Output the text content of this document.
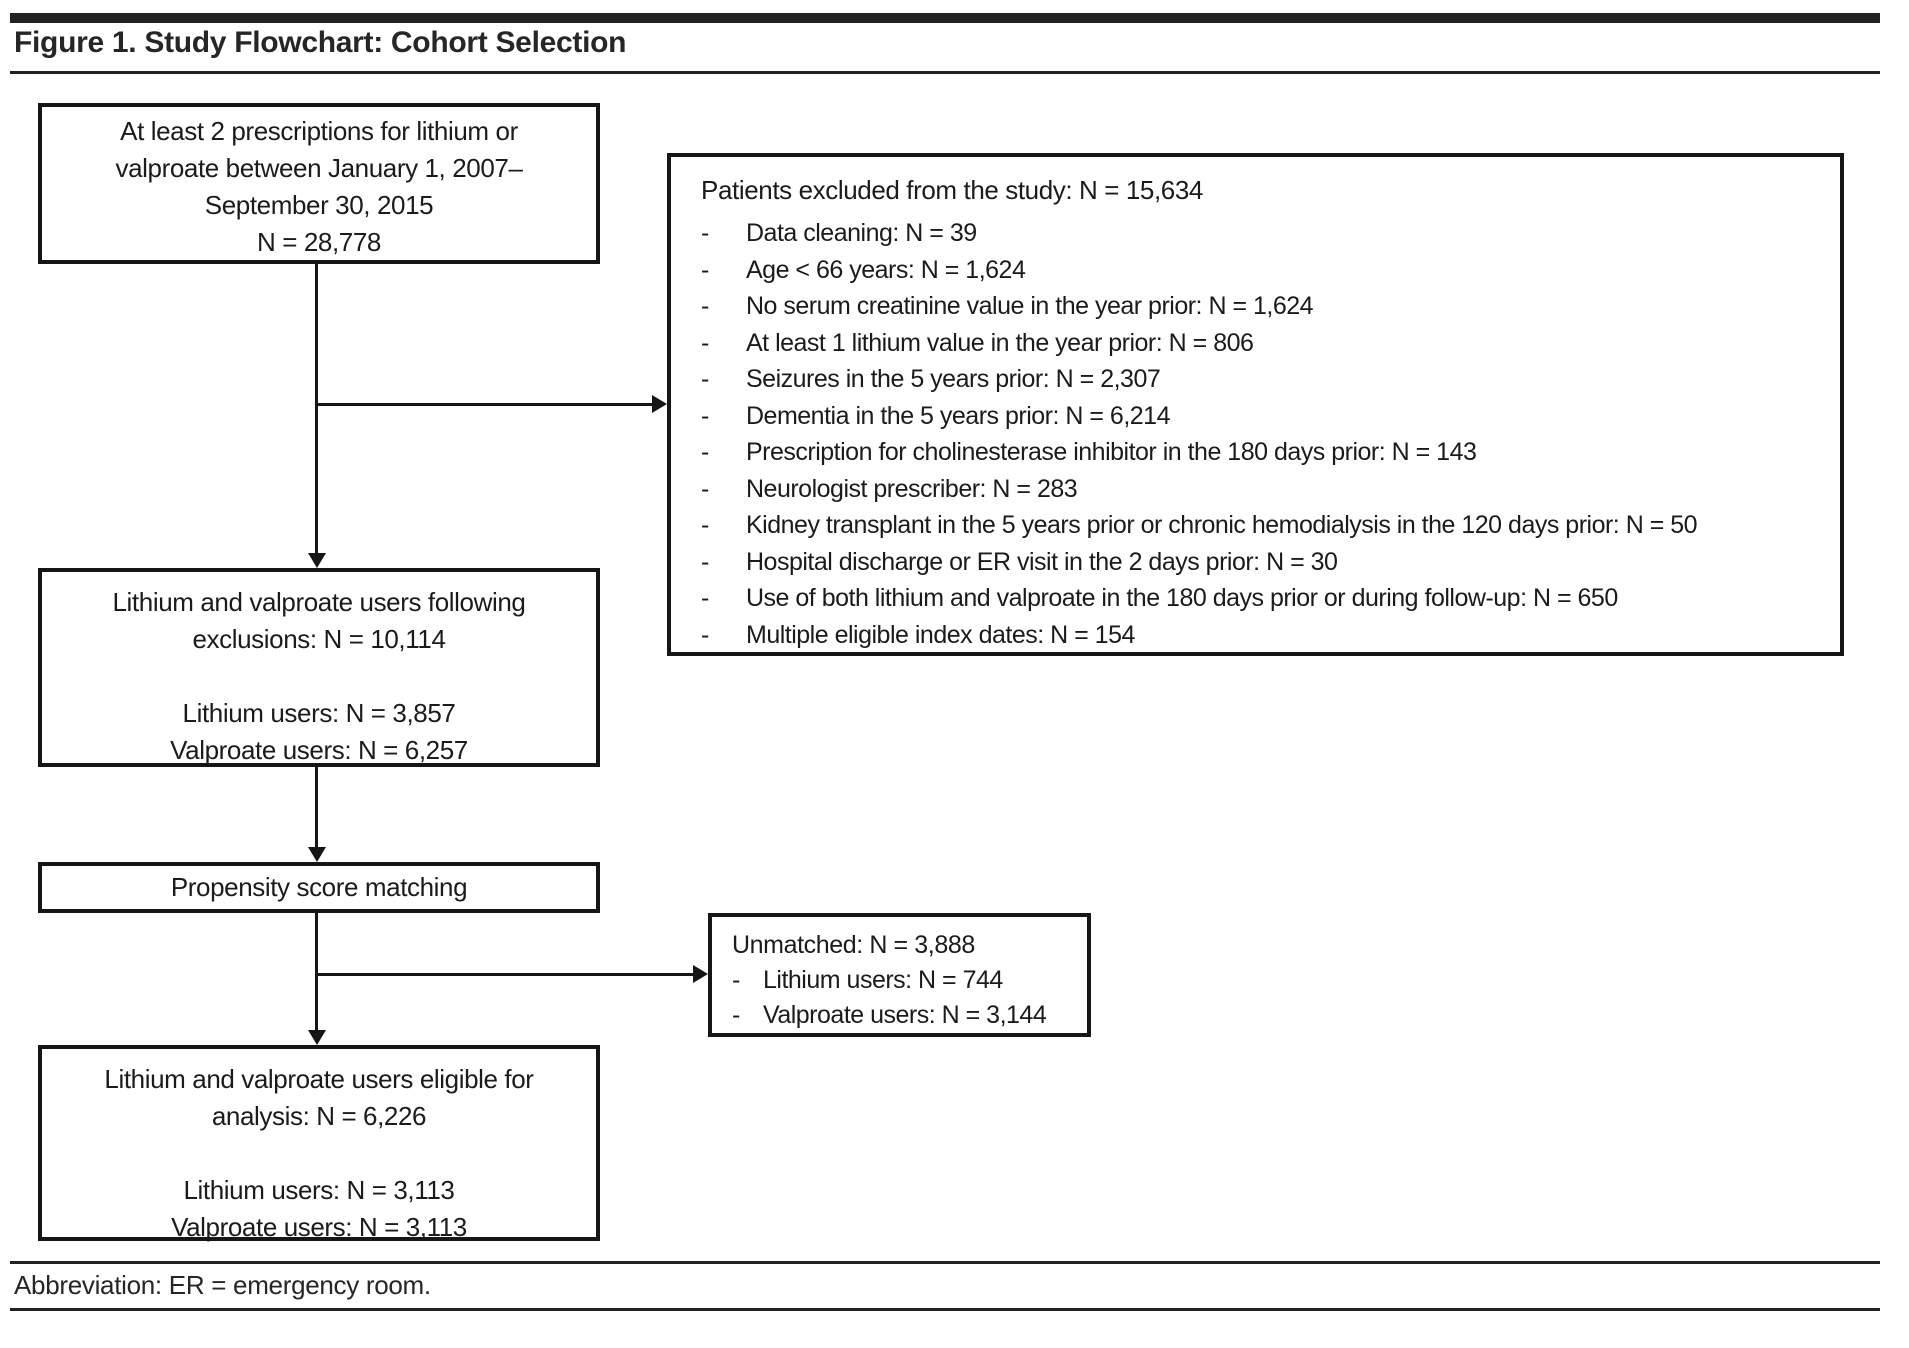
Figure 1. Study Flowchart: Cohort Selection
At least 2 prescriptions for lithium or
valproate between January 1, 2007–
September 30, 2015
N = 28,778
Patients excluded from the study: N = 15,634
-	Data cleaning: N = 39
-	Age < 66 years: N = 1,624
-	No serum creatinine value in the year prior: N = 1,624
-	At least 1 lithium value in the year prior: N = 806
-	Seizures in the 5 years prior: N = 2,307
-	Dementia in the 5 years prior: N = 6,214
-	Prescription for cholinesterase inhibitor in the 180 days prior: N = 143
-	Neurologist prescriber: N = 283
-	Kidney transplant in the 5 years prior or chronic hemodialysis in the 120 days prior: N = 50
-	Hospital discharge or ER visit in the 2 days prior: N = 30
-	Use of both lithium and valproate in the 180 days prior or during follow-up: N = 650
-	Multiple eligible index dates: N = 154
Lithium and valproate users following
exclusions: N = 10,114
Lithium users: N = 3,857
Valproate users: N = 6,257
Propensity score matching
Unmatched: N = 3,888
- Lithium users: N = 744
- Valproate users: N = 3,144
Lithium and valproate users eligible for
analysis: N = 6,226
Lithium users: N = 3,113
Valproate users: N = 3,113
Abbreviation: ER = emergency room.
